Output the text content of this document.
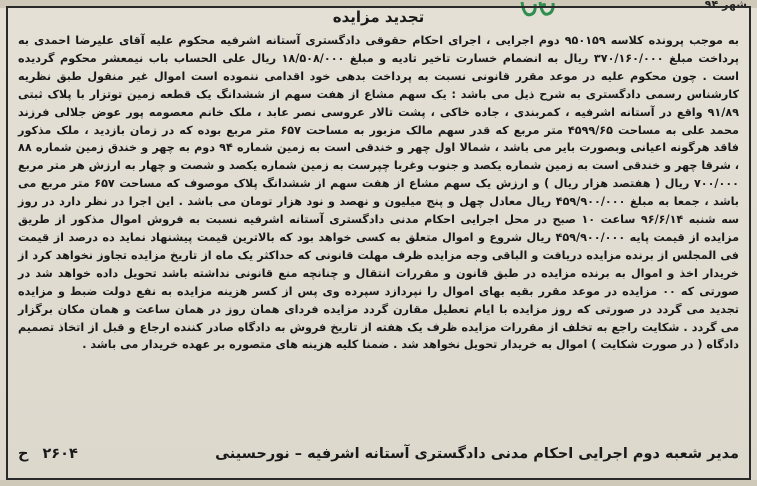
شهر ۹۴
تجدید مزایده

به موجب پرونده کلاسه ۹۵۰۱۵۹ دوم اجرایی ، اجرای احکام حقوقی دادگستری آستانه اشرفیه محکوم علیه آقای علیرضا احمدی به پرداخت مبلغ ۳۷۰/۱۶۰/۰۰۰ ریال به انضمام خسارت تاخیر تادیه و مبلغ ۱۸/۵۰۸/۰۰۰ ریال علی الحساب باب نیمعشر محکوم گردیده است . چون محکوم علیه در موعد مقرر قانونی نسبت به پرداخت بدهی خود اقدامی ننموده است اموال غیر منقول طبق نظریه کارشناس رسمی دادگستری به شرح ذیل می باشد : یک سهم مشاع از هفت سهم از ششدانگ یک قطعه زمین توتزار با پلاک ثبتی ۹۱/۸۹ واقع در آستانه اشرفیه ، کمربندی ، جاده خاکی ، پشت تالار عروسی نصر عابد ، ملک خانم معصومه پور عوض جلالی فرزند محمد علی به مساحت ۴۵۹۹/۶۵ متر مربع که قدر سهم مالک مزبور به مساحت ۶۵۷ متر مربع بوده که در زمان بازدید ، ملک مذکور فاقد هرگونه اعیانی وبصورت بایر می باشد ، شمالا اول چهر و خندقی است به زمین شماره ۹۴ دوم به چهر و خندق زمین شماره ۸۸ ، شرقا چهر و خندقی است به زمین شماره یکصد و جنوب وغربا چپرست به زمین شماره یکصد و شصت و چهار به ارزش هر متر مربع ۷۰۰/۰۰۰ ریال ( هفتصد هزار ریال ) و ارزش یک سهم مشاع از هفت سهم از ششدانگ پلاک موصوف که مساحت ۶۵۷ متر مربع می باشد ، جمعا به مبلغ ۴۵۹/۹۰۰/۰۰۰ ریال معادل چهل و پنج میلیون و نهصد و نود هزار تومان می باشد . این اجرا در نظر دارد در روز سه شنبه ۹۶/۶/۱۴ ساعت ۱۰ صبح در محل اجرایی احکام مدنی دادگستری آستانه اشرفیه نسبت به فروش اموال مذکور از طریق مزایده از قیمت پایه ۴۵۹/۹۰۰/۰۰۰ ریال شروع و اموال متعلق به کسی خواهد بود که بالاترین قیمت پیشنهاد نماید ده درصد از قیمت فی المجلس از برنده مزایده دریافت و الباقی وجه مزایده ظرف مهلت قانونی که حداکثر یک ماه از تاریخ مزایده تجاوز نخواهد کرد از خریدار اخذ و اموال به برنده مزایده در طبق قانون و مقررات انتقال و چنانچه منع قانونی نداشته باشد تحویل داده خواهد شد در صورتی که ۰۰ مزایده در موعد مقرر بقیه بهای اموال را نپردازد سپرده وی پس از کسر هزینه مزایده به نفع دولت ضبط و مزایده تجدید می گردد در صورتی که روز مزایده با ایام تعطیل مقارن گردد مزایده فردای همان روز در همان ساعت و همان مکان برگزار می گردد . شکایت راجع به تخلف از مقررات مزایده ظرف یک هفته از تاریخ فروش به دادگاه صادر کننده ارجاع و قبل از اتخاذ تصمیم دادگاه ( در صورت شکایت ) اموال به خریدار تحویل نخواهد شد . ضمنا کلیه هزینه های متصوره بر عهده خریدار می باشد .

مدیر شعبه دوم اجرایی احکام مدنی دادگستری آستانه اشرفیه – نورحسینی
۲۶۰۴
ح
